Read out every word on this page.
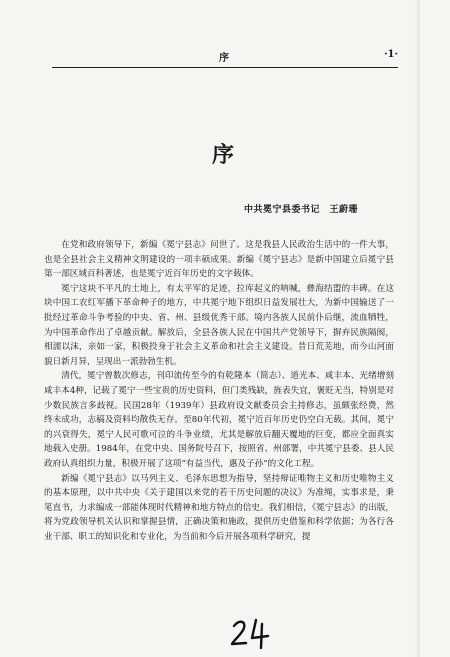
序	·1·
序
中共冕宁县委书记　王蔚珊

在党和政府领导下，新编《冕宁县志》问世了。这是我县人民政治生活中的一件大事，也是全县社会主义精神文明建设的一项丰硕成果。新编《冕宁县志》是新中国建立后冕宁县第一部区域百科著述，也是冕宁近百年历史的文字载体。

冕宁这块不平凡的土地上，有太平军的足迹，拉库起义的呐喊，彝海结盟的丰碑。在这块中国工农红军播下革命种子的地方，中共冕宁地下组织日益发展壮大，为新中国输送了一批经过革命斗争考验的中央、省、州、县级优秀干部。境内各族人民前仆后继，流血牺牲，为中国革命作出了卓越贡献。解放后，全县各族人民在中国共产党领导下，摒弃民族隔阂，相濡以沫，亲如一家，积极投身于社会主义革命和社会主义建设。昔日荒芜地，而今山河面貌日新月异，呈现出一派勃勃生机。

清代，冕宁曾数次修志，刊印流传至今的有乾隆本（简志）、道光本、咸丰本、光绪增刻咸丰本4种，记载了冕宁一些宝贵的历史资料，但门类残缺，旌表失宜，褒贬无当，特别是对少数民族言多歧视。民国28年（1939年）县政府设文献委员会主持修志，虽颇张经费，然终未成功，志稿及资料均散佚无存。至80年代初，冕宁近百年历史仍空白无载。其间，冕宁的兴衰得失，冕宁人民可歌可泣的斗争业绩，尤其是解放后翻天覆地的巨变，都应全面真实地载入史册。1984年，在党中央、国务院号召下，按照省、州部署，中共冕宁县委、县人民政府认真组织力量，积极开展了这项“有益当代，惠及子孙”的文化工程。

新编《冕宁县志》以马列主义、毛泽东思想为指导，坚持辩证唯物主义和历史唯物主义的基本原理，以中共中央《关于建国以来党的若干历史问题的决议》为准绳，实事求是，秉笔直书，力求编成一部能体现时代精神和地方特点的信史。我们相信，《冕宁县志》的出版，将为党政领导机关认识和掌握县情，正确决策和施政，提供历史借鉴和科学依据；为各行各业干部、职工的知识化和专业化，为当前和今后开展各项科学研究，提
